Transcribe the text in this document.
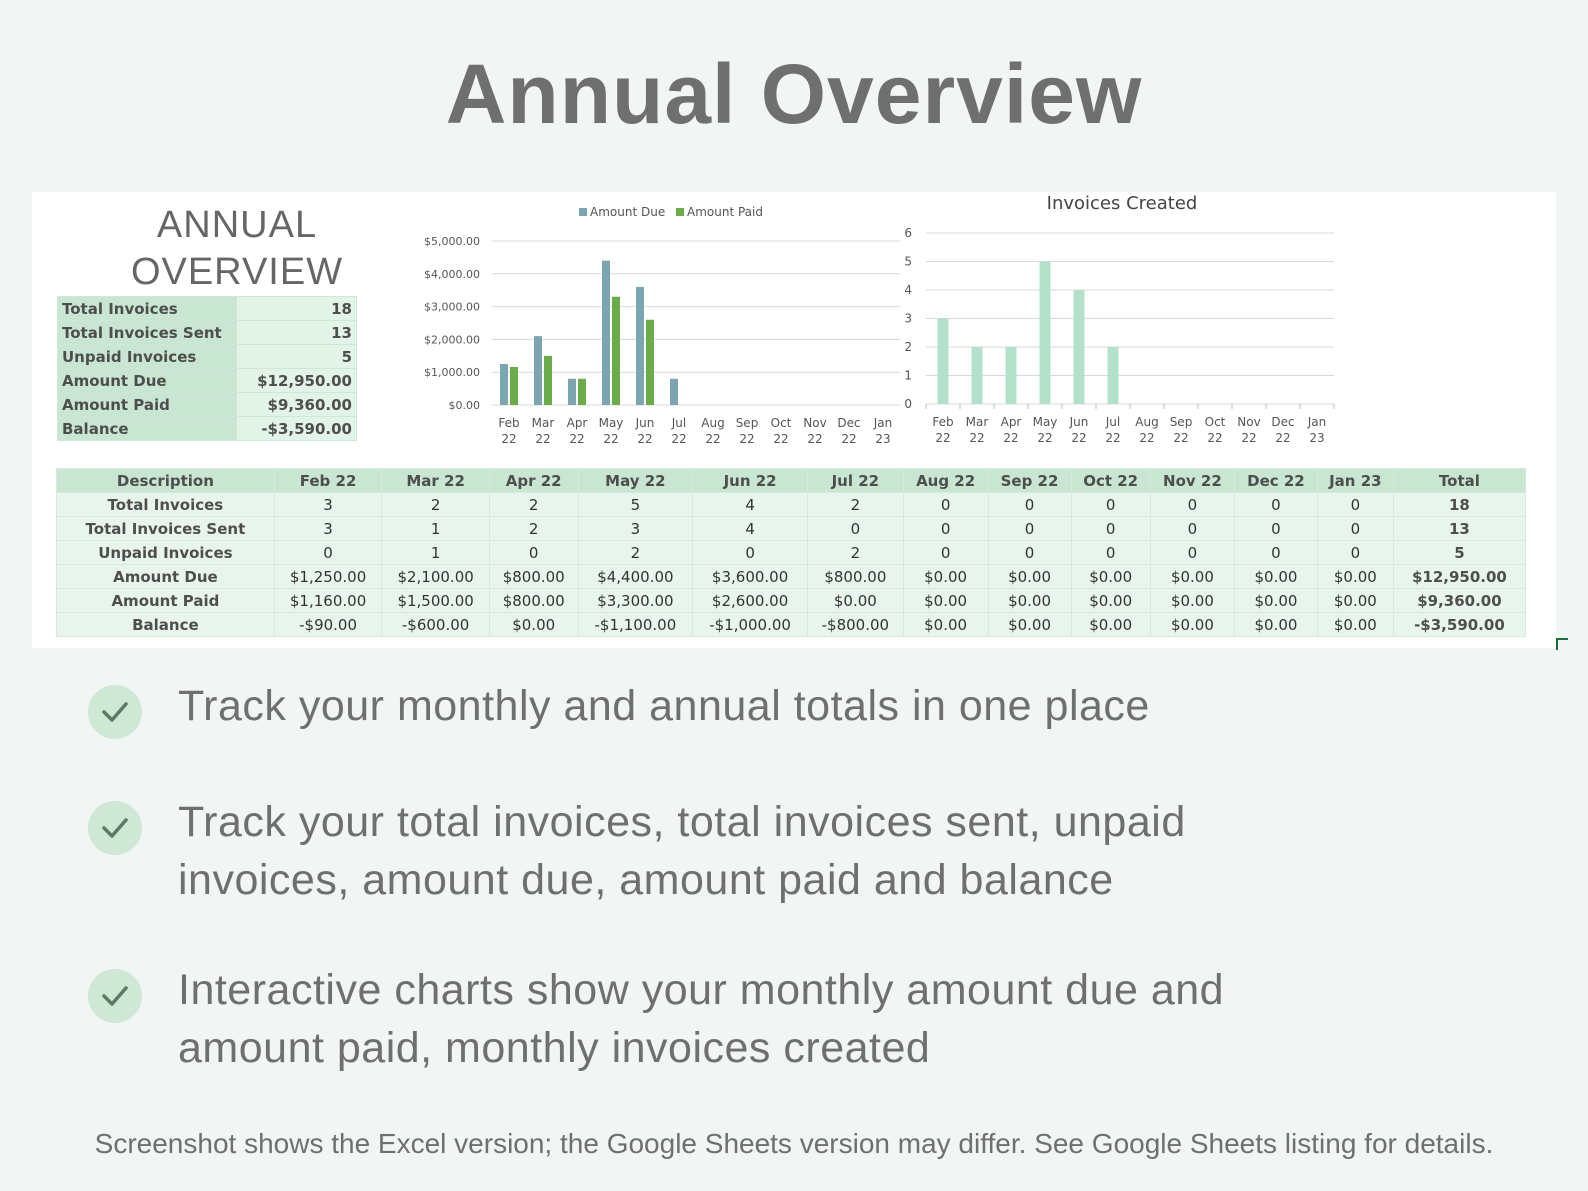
Annual Overview
ANNUAL
OVERVIEW
Total Invoices	18
Total Invoices Sent	13
Unpaid Invoices	5
Amount Due	$12,950.00
Amount Paid	$9,360.00
Balance	-$3,590.00
$0.00
$1,000.00
$2,000.00
$3,000.00
$4,000.00
$5,000.00
Feb
22
Mar
22
Apr
22
May
22
Jun
22
Jul
22
Aug
22
Sep
22
Oct
22
Nov
22
Dec
22
Jan
23
Amount Due Amount Paid	Invoices Created
0
1
2
3
4
5
6
Feb
22
Mar
22
Apr
22
May
22
Jun
22
Jul
22
Aug
22
Sep
22
Oct
22
Nov
22
Dec
22
Jan
23
Description	Feb 22	Mar 22	Apr 22	May 22	Jun 22	Jul 22	Aug 22	Sep 22	Oct 22	Nov 22	Dec 22	Jan 23	Total
Total Invoices	3	2	2	5	4	2	0	0	0	0	0	0	18
Total Invoices Sent	3	1	2	3	4	0	0	0	0	0	0	0	13
Unpaid Invoices	0	1	0	2	0	2	0	0	0	0	0	0	5
Amount Due	$1,250.00	$2,100.00	$800.00	$4,400.00	$3,600.00	$800.00	$0.00	$0.00	$0.00	$0.00	$0.00	$0.00	$12,950.00
Amount Paid	$1,160.00	$1,500.00	$800.00	$3,300.00	$2,600.00	$0.00	$0.00	$0.00	$0.00	$0.00	$0.00	$0.00	$9,360.00
Balance	-$90.00	-$600.00	$0.00	-$1,100.00	-$1,000.00	-$800.00	$0.00	$0.00	$0.00	$0.00	$0.00	$0.00	-$3,590.00
Track your monthly and annual totals in one place
Track your total invoices, total invoices sent, unpaid invoices, amount due, amount paid and balance
Interactive charts show your monthly amount due and amount paid, monthly invoices created
Screenshot shows the Excel version; the Google Sheets version may differ. See Google Sheets listing for details.
